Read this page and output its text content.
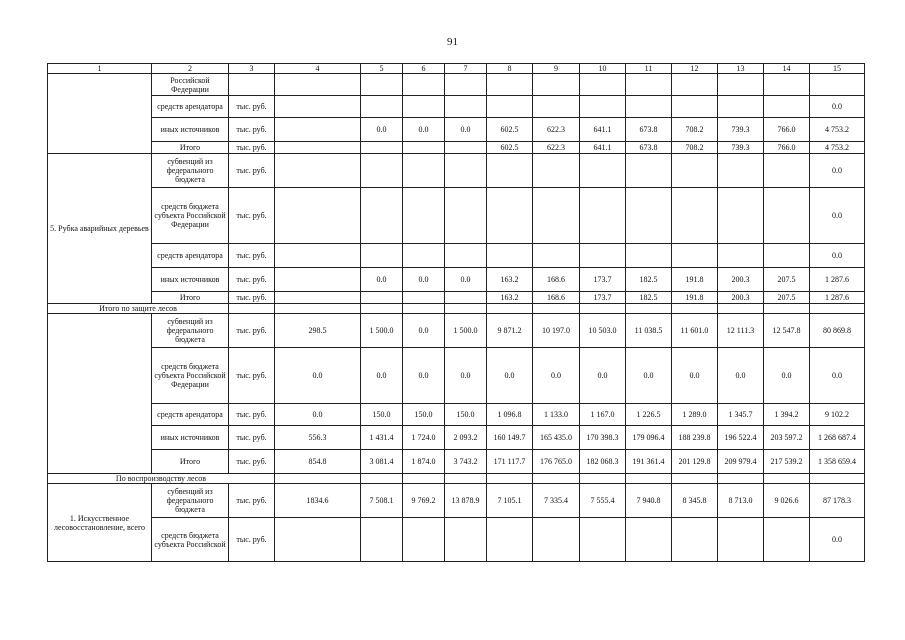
91
1	2	3	4	5	6	7	8	9	10	11	12	13	14	15
	Российской Федерации													
	средств арендатора	тыс. руб.												0.0
	иных источников	тыс. руб.		0.0	0.0	0.0	602.5	622.3	641.1	673.8	708.2	739.3	766.0	4 753.2
	Итого	тыс. руб.					602.5	622.3	641.1	673.8	708.2	739.3	766.0	4 753.2
5. Рубка аварийных деревьев	субвенций из федерального бюджета	тыс. руб.												0.0
	средств бюджета субъекта Российской Федерации	тыс. руб.												0.0
	средств арендатора	тыс. руб.												0.0
	иных источников	тыс. руб.		0.0	0.0	0.0	163.2	168.6	173.7	182.5	191.8	200.3	207.5	1 287.6
	Итого	тыс. руб.					163.2	168.6	173.7	182.5	191.8	200.3	207.5	1 287.6
Итого по защите лесов														
	субвенций из федерального бюджета	тыс. руб.	298.5	1 500.0	0.0	1 500.0	9 871.2	10 197.0	10 503.0	11 038.5	11 601.0	12 111.3	12 547.8	80 869.8
	средств бюджета субъекта Российской Федерации	тыс. руб.	0.0	0.0	0.0	0.0	0.0	0.0	0.0	0.0	0.0	0.0	0.0	0.0
	средств арендатора	тыс. руб.	0.0	150.0	150.0	150.0	1 096.8	1 133.0	1 167.0	1 226.5	1 289.0	1 345.7	1 394.2	9 102.2
	иных источников	тыс. руб.	556.3	1 431.4	1 724.0	2 093.2	160 149.7	165 435.0	170 398.3	179 096.4	188 239.8	196 522.4	203 597.2	1 268 687.4
	Итого	тыс. руб.	854.8	3 081.4	1 874.0	3 743.2	171 117.7	176 765.0	182 068.3	191 361.4	201 129.8	209 979.4	217 539.2	1 358 659.4
По воспроизводству лесов														
1. Искусственное лесовосстановление, всего	субвенций из федерального бюджета	тыс. руб.	1834.6	7 508.1	9 769.2	13 878.9	7 105.1	7 335.4	7 555.4	7 940.8	8 345.8	8 713.0	9 026.6	87 178.3
	средств бюджета субъекта Российской	тыс. руб.												0.0
